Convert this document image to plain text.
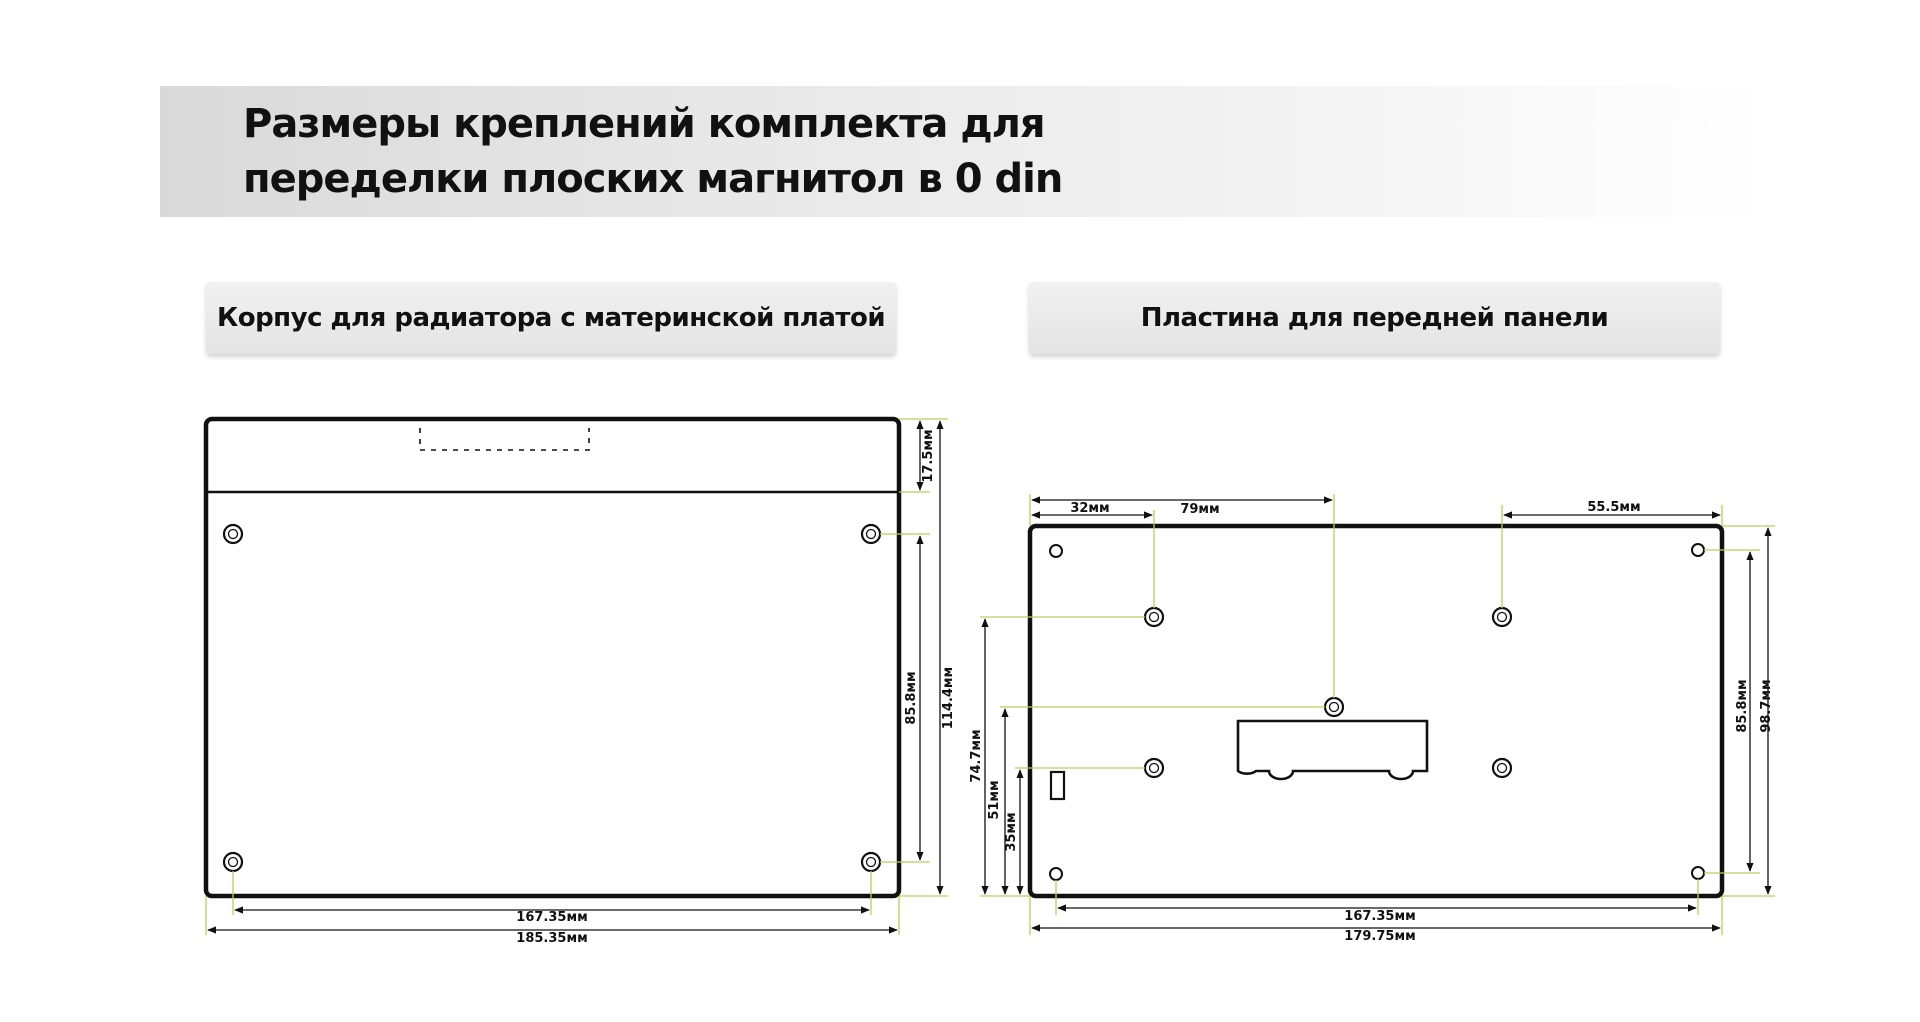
Размеры креплений комплекта для
переделки плоских магнитол в 0 din
Корпус для радиатора с материнской платой	Пластина для передней панели
17.5мм
85.8мм 114.4мм
167.35мм
185.35мм
32мм	79мм	55.5мм
74.7мм
51мм
35мм
85.8мм 98.7мм
167.35мм
179.75мм
